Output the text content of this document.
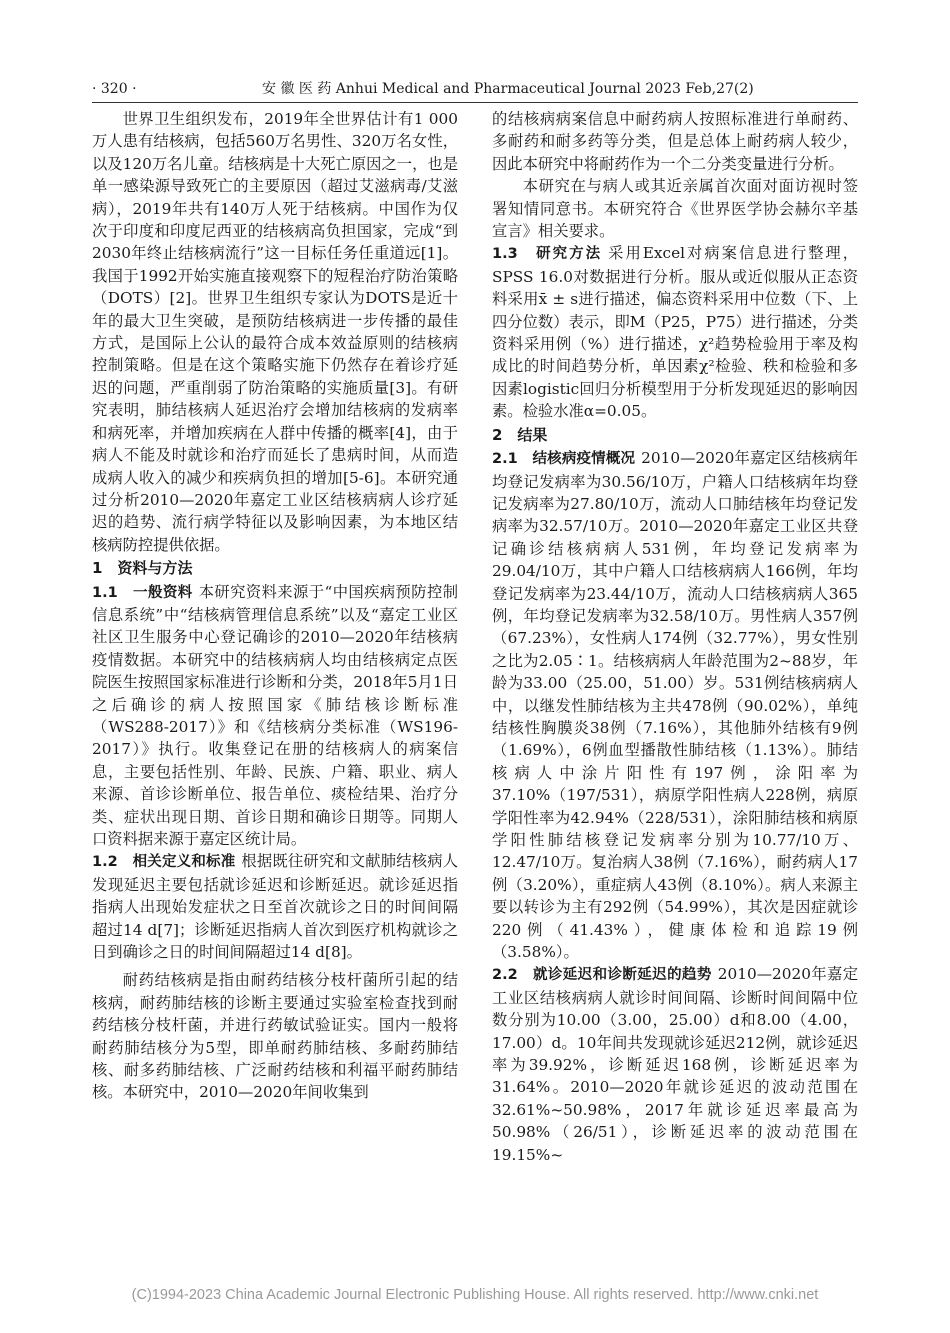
· 320 ·	安 徽 医 药 Anhui Medical and Pharmaceutical Journal 2023 Feb,27(2)

世界卫生组织发布，2019年全世界估计有1 000万人患有结核病，包括560万名男性、320万名女性，以及120万名儿童。结核病是十大死亡原因之一，也是单一感染源导致死亡的主要原因（超过艾滋病毒/艾滋病），2019年共有140万人死于结核病。中国作为仅次于印度和印度尼西亚的结核病高负担国家，完成“到2030年终止结核病流行”这一目标任务任重道远[1]。我国于1992开始实施直接观察下的短程治疗防治策略（DOTS）[2]。世界卫生组织专家认为DOTS是近十年的最大卫生突破，是预防结核病进一步传播的最佳方式，是国际上公认的最符合成本效益原则的结核病控制策略。但是在这个策略实施下仍然存在着诊疗延迟的问题，严重削弱了防治策略的实施质量[3]。有研究表明，肺结核病人延迟治疗会增加结核病的发病率和病死率，并增加疾病在人群中传播的概率[4]，由于病人不能及时就诊和治疗而延长了患病时间，从而造成病人收入的减少和疾病负担的增加[5-6]。本研究通过分析2010—2020年嘉定工业区结核病病人诊疗延迟的趋势、流行病学特征以及影响因素，为本地区结核病防控提供依据。

1　资料与方法

1.1　一般资料 本研究资料来源于“中国疾病预防控制信息系统”中“结核病管理信息系统”以及“嘉定工业区社区卫生服务中心登记确诊的2010—2020年结核病疫情数据。本研究中的结核病病人均由结核病定点医院医生按照国家标准进行诊断和分类，2018年5月1日之后确诊的病人按照国家《肺结核诊断标准（WS288-2017）》和《结核病分类标准（WS196-2017）》执行。收集登记在册的结核病人的病案信息，主要包括性别、年龄、民族、户籍、职业、病人来源、首诊诊断单位、报告单位、痰检结果、治疗分类、症状出现日期、首诊日期和确诊日期等。同期人口资料据来源于嘉定区统计局。

1.2　相关定义和标准 根据既往研究和文献肺结核病人发现延迟主要包括就诊延迟和诊断延迟。就诊延迟指指病人出现始发症状之日至首次就诊之日的时间间隔超过14 d[7]；诊断延迟指病人首次到医疗机构就诊之日到确诊之日的时间间隔超过14 d[8]。

耐药结核病是指由耐药结核分枝杆菌所引起的结核病，耐药肺结核的诊断主要通过实验室检查找到耐药结核分枝杆菌，并进行药敏试验证实。国内一般将耐药肺结核分为5型，即单耐药肺结核、多耐药肺结核、耐多药肺结核、广泛耐药结核和利福平耐药肺结核。本研究中，2010—2020年间收集到

的结核病病案信息中耐药病人按照标准进行单耐药、多耐药和耐多药等分类，但是总体上耐药病人较少，因此本研究中将耐药作为一个二分类变量进行分析。

本研究在与病人或其近亲属首次面对面访视时签署知情同意书。本研究符合《世界医学协会赫尔辛基宣言》相关要求。

1.3　研究方法 采用Excel对病案信息进行整理，SPSS 16.0对数据进行分析。服从或近似服从正态资料采用x̄ ± s进行描述，偏态资料采用中位数（下、上四分位数）表示，即M（P25，P75）进行描述，分类资料采用例（%）进行描述，χ²趋势检验用于率及构成比的时间趋势分析，单因素χ²检验、秩和检验和多因素logistic回归分析模型用于分析发现延迟的影响因素。检验水准α=0.05。

2　结果

2.1　结核病疫情概况 2010—2020年嘉定区结核病年均登记发病率为30.56/10万，户籍人口结核病年均登记发病率为27.80/10万，流动人口肺结核年均登记发病率为32.57/10万。2010—2020年嘉定工业区共登记确诊结核病病人531例，年均登记发病率为29.04/10万，其中户籍人口结核病病人166例，年均登记发病率为23.44/10万，流动人口结核病病人365例，年均登记发病率为32.58/10万。男性病人357例（67.23%），女性病人174例（32.77%），男女性别之比为2.05∶1。结核病病人年龄范围为2~88岁，年龄为33.00（25.00，51.00）岁。531例结核病病人中，以继发性肺结核为主共478例（90.02%），单纯结核性胸膜炎38例（7.16%），其他肺外结核有9例（1.69%），6例血型播散性肺结核（1.13%）。肺结核病人中涂片阳性有197例，涂阳率为37.10%（197/531），病原学阳性病人228例，病原学阳性率为42.94%（228/531），涂阳肺结核和病原学阳性肺结核登记发病率分别为10.77/10万、12.47/10万。复治病人38例（7.16%），耐药病人17例（3.20%），重症病人43例（8.10%）。病人来源主要以转诊为主有292例（54.99%），其次是因症就诊220例（41.43%），健康体检和追踪19例（3.58%）。

2.2　就诊延迟和诊断延迟的趋势 2010—2020年嘉定工业区结核病病人就诊时间间隔、诊断时间间隔中位数分别为10.00（3.00，25.00）d和8.00（4.00，17.00）d。10年间共发现就诊延迟212例，就诊延迟率为39.92%，诊断延迟168例，诊断延迟率为31.64%。2010—2020年就诊延迟的波动范围在32.61%~50.98%，2017年就诊延迟率最高为50.98%（26/51），诊断延迟率的波动范围在19.15%~

(C)1994-2023 China Academic Journal Electronic Publishing House. All rights reserved. http://www.cnki.net
